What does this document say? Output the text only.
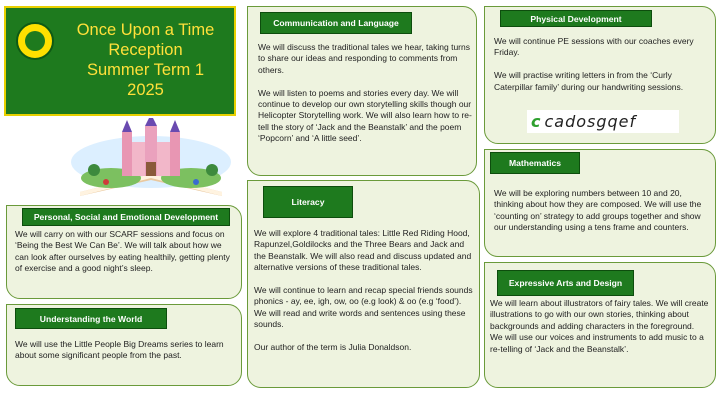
Once Upon a Time
Reception
Summer Term 1
2025
Communication and Language
We will discuss the traditional tales we hear, taking turns to share our ideas and responding to comments from others.

We will listen to poems and stories every day. We will continue to develop our own storytelling skills though our Helicopter Storytelling work. We will also learn how to re-tell the story of ‘Jack and the Beanstalk’ and the poem ‘Popcorn’ and ‘A little seed’.
Physical Development
We will continue PE sessions with our coaches every Friday.

We will practise writing letters in from the ‘Curly Caterpillar family’ during our handwriting sessions.
c cadosgqef
Mathematics
We will be exploring numbers between 10 and 20, thinking about how they are composed. We will use the ‘counting on’ strategy to add groups together and show our understanding using a tens frame and counters.
Literacy
We will explore 4 traditional tales: Little Red Riding Hood, Rapunzel,Goldilocks and the Three Bears and Jack and the Beanstalk. We will also read and discuss updated and alternative versions of these traditional tales.

We will continue to learn and recap special friends sounds phonics - ay, ee, igh, ow, oo (e.g look) & oo (e.g ‘food’).
We will read and write words and sentences using these sounds.

Our author of the term is Julia Donaldson.
Personal, Social and Emotional Development
We will carry on with our SCARF sessions and focus on ‘Being the Best We Can Be’. We will talk about how we can look after ourselves by eating healthily, getting plenty of exercise and a good night’s sleep.
Understanding the World
We will use the Little People Big Dreams series to learn about some significant people from the past.
Expressive Arts and Design
We will learn about illustrators of fairy tales. We will create illustrations to go with our own stories, thinking about backgrounds and adding characters in the foreground.
We will use our voices and instruments to add music to a re-telling of ‘Jack and the Beanstalk’.
